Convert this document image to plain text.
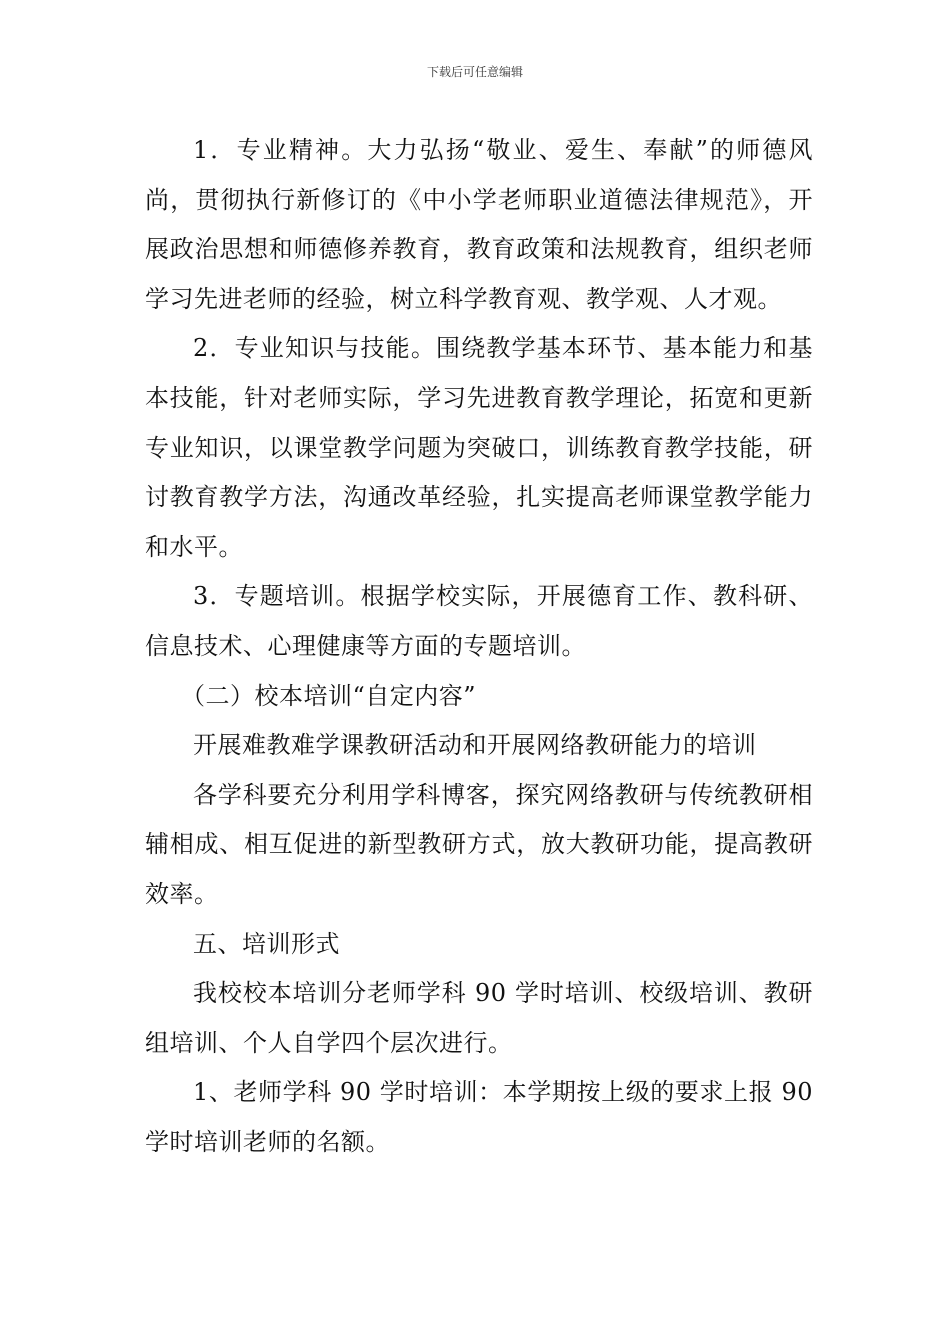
下载后可任意编辑

1．专业精神。大力弘扬“敬业、爱生、奉献”的师德风尚，贯彻执行新修订的《中小学老师职业道德法律规范》，开展政治思想和师德修养教育，教育政策和法规教育，组织老师学习先进老师的经验，树立科学教育观、教学观、人才观。

2．专业知识与技能。围绕教学基本环节、基本能力和基本技能，针对老师实际，学习先进教育教学理论，拓宽和更新专业知识，以课堂教学问题为突破口，训练教育教学技能，研讨教育教学方法，沟通改革经验，扎实提高老师课堂教学能力和水平。

3．专题培训。根据学校实际，开展德育工作、教科研、信息技术、心理健康等方面的专题培训。

（二）校本培训“自定内容”

开展难教难学课教研活动和开展网络教研能力的培训

各学科要充分利用学科博客，探究网络教研与传统教研相辅相成、相互促进的新型教研方式，放大教研功能，提高教研效率。

五、培训形式

我校校本培训分老师学科 90 学时培训、校级培训、教研组培训、个人自学四个层次进行。

1、老师学科 90 学时培训：本学期按上级的要求上报 90 学时培训老师的名额。
